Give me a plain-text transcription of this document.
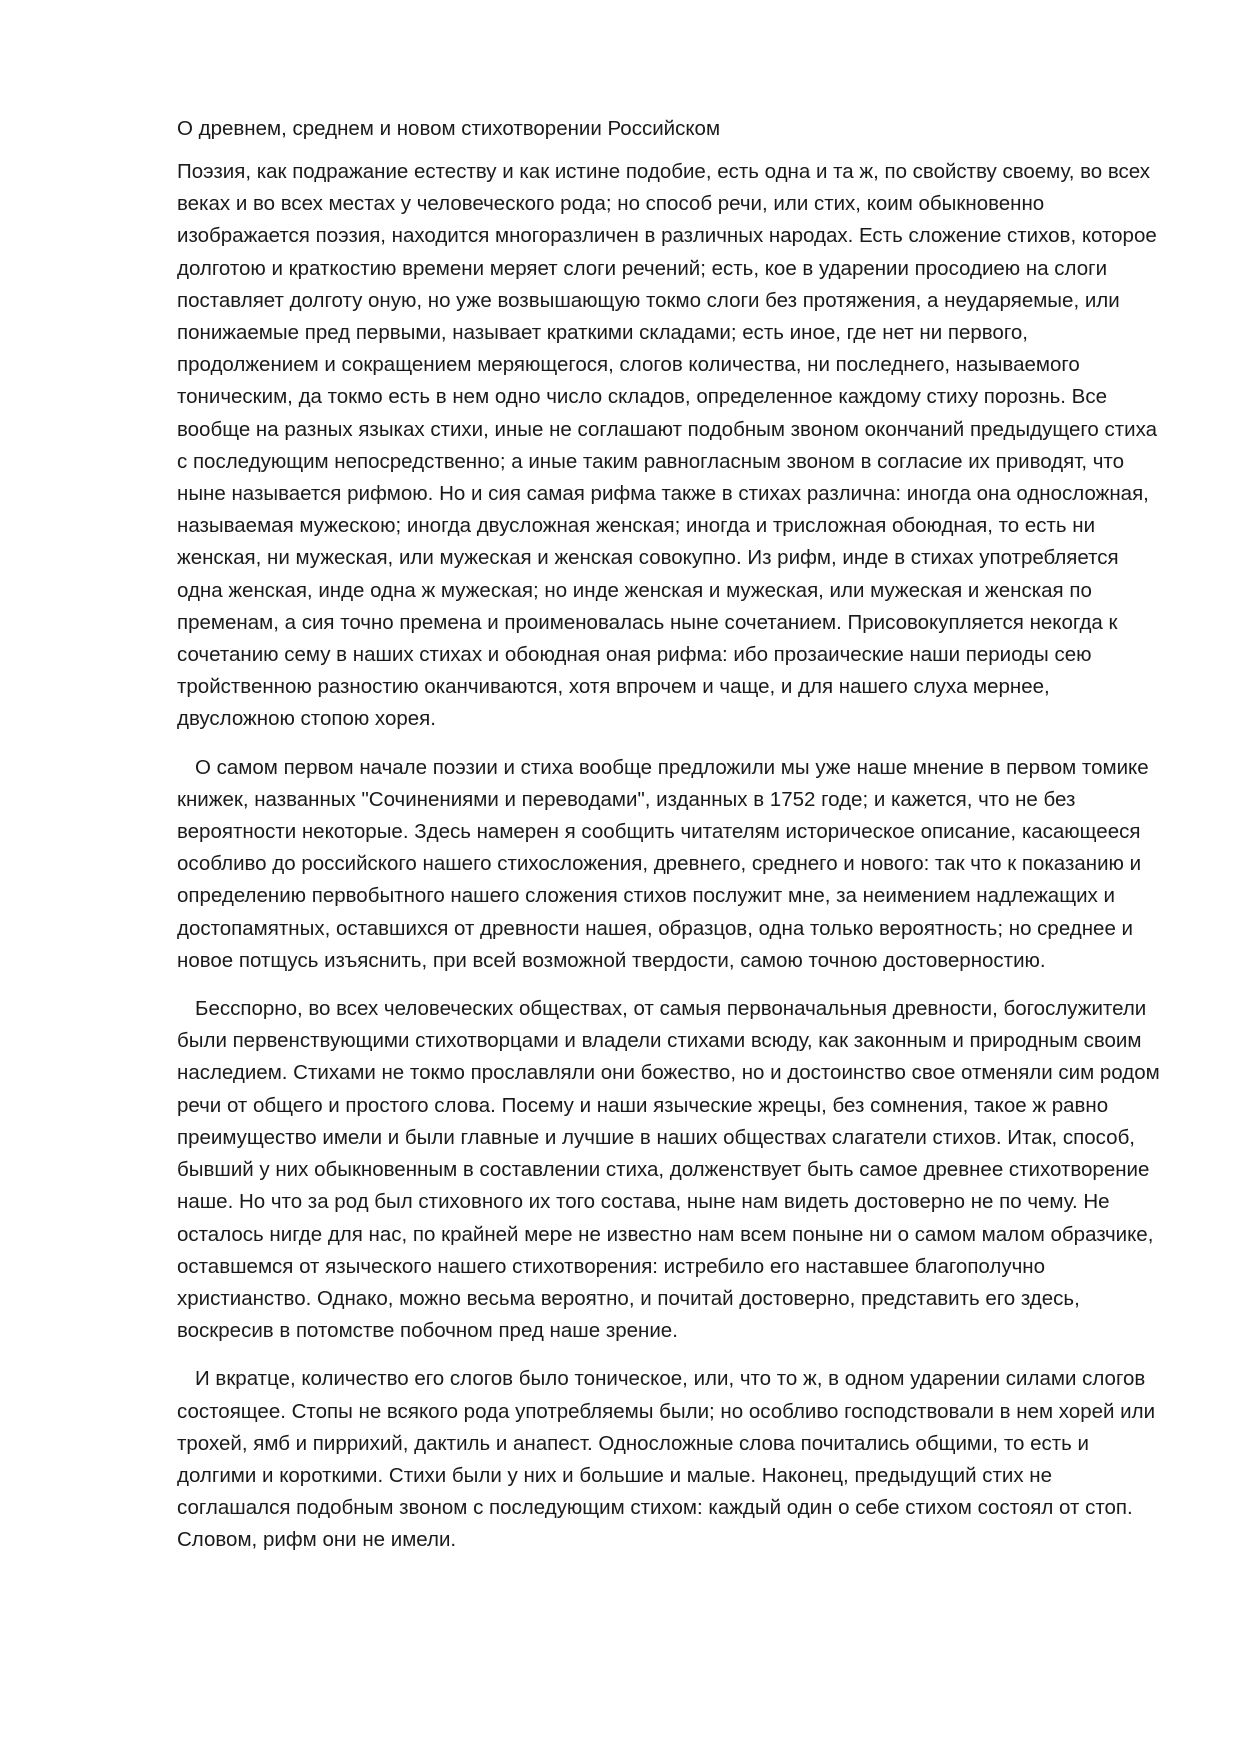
О древнем, среднем и новом стихотворении Российском

Поэзия, как подражание естеству и как истине подобие, есть одна и та ж, по свойству своему, во всех веках и во всех местах у человеческого рода; но способ речи, или стих, коим обыкновенно изображается поэзия, находится многоразличен в различных народах. Есть сложение стихов, которое долготою и краткостию времени меряет слоги речений; есть, кое в ударении просодиею на слоги поставляет долготу оную, но уже возвышающую токмо слоги без протяжения, а неударяемые, или понижаемые пред первыми, называет краткими складами; есть иное, где нет ни первого, продолжением и сокращением меряющегося, слогов количества, ни последнего, называемого тоническим, да токмо есть в нем одно число складов, определенное каждому стиху порознь. Все вообще на разных языках стихи, иные не соглашают подобным звоном окончаний предыдущего стиха с последующим непосредственно; а иные таким равногласным звоном в согласие их приводят, что ныне называется рифмою. Но и сия самая рифма также в стихах различна: иногда она односложная, называемая мужескою; иногда двусложная женская; иногда и трисложная обоюдная, то есть ни женская, ни мужеская, или мужеская и женская совокупно. Из рифм, инде в стихах употребляется одна женская, инде одна ж мужеская; но инде женская и мужеская, или мужеская и женская по пременам, а сия точно премена и проименовалась ныне сочетанием. Присовокупляется некогда к сочетанию сему в наших стихах и обоюдная оная рифма: ибо прозаические наши периоды сею тройственною разностию оканчиваются, хотя впрочем и чаще, и для нашего слуха мернее, двусложною стопою хорея.

О самом первом начале поэзии и стиха вообще предложили мы уже наше мнение в первом томике книжек, названных "Сочинениями и переводами", изданных в 1752 годе; и кажется, что не без вероятности некоторые. Здесь намерен я сообщить читателям историческое описание, касающееся особливо до российского нашего стихосложения, древнего, среднего и нового: так что к показанию и определению первобытного нашего сложения стихов послужит мне, за неимением надлежащих и достопамятных, оставшихся от древности нашея, образцов, одна только вероятность; но среднее и новое потщусь изъяснить, при всей возможной твердости, самою точною достоверностию.

Бесспорно, во всех человеческих обществах, от самыя первоначальныя древности, богослужители были первенствующими стихотворцами и владели стихами всюду, как законным и природным своим наследием. Стихами не токмо прославляли они божество, но и достоинство свое отменяли сим родом речи от общего и простого слова. Посему и наши языческие жрецы, без сомнения, такое ж равно преимущество имели и были главные и лучшие в наших обществах слагатели стихов. Итак, способ, бывший у них обыкновенным в составлении стиха, долженствует быть самое древнее стихотворение наше. Но что за род был стиховного их того состава, ныне нам видеть достоверно не по чему. Не осталось нигде для нас, по крайней мере не известно нам всем поныне ни о самом малом образчике, оставшемся от языческого нашего стихотворения: истребило его наставшее благополучно христианство. Однако, можно весьма вероятно, и почитай достоверно, представить его здесь, воскресив в потомстве побочном пред наше зрение.

И вкратце, количество его слогов было тоническое, или, что то ж, в одном ударении силами слогов состоящее. Стопы не всякого рода употребляемы были; но особливо господствовали в нем хорей или трохей, ямб и пиррихий, дактиль и анапест. Односложные слова почитались общими, то есть и долгими и короткими. Стихи были у них и большие и малые. Наконец, предыдущий стих не соглашался подобным звоном с последующим стихом: каждый один о себе стихом состоял от стоп. Словом, рифм они не имели.
